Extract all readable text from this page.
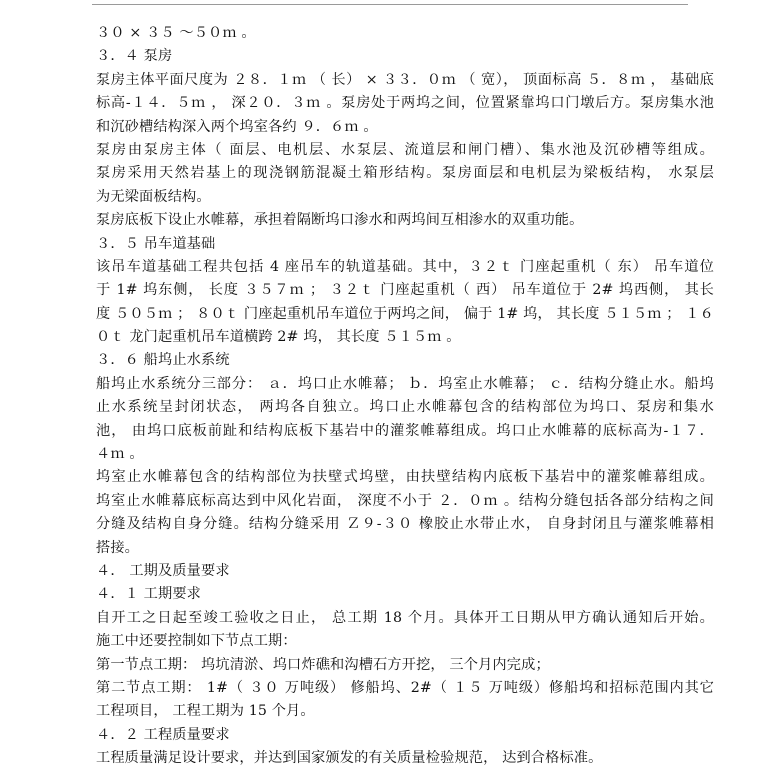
３０ × ３５ ～５０ｍ 。
３．４ 泵房
泵房主体平面尺度为 ２８．１ｍ （ 长） × ３３．０ｍ （ 宽）， 顶面标高 ５．８ｍ ， 基础底
标高-１４．５ｍ ， 深２０．３ｍ 。泵房处于两坞之间，位置紧靠坞口门墩后方。泵房集水池
和沉砂槽结构深入两个坞室各约 ９．６ｍ 。
泵房由泵房主体（ 面层、电机层、水泵层、流道层和闸门槽）、集水池及沉砂槽等组成。
泵房采用天然岩基上的现浇钢筋混凝土箱形结构。泵房面层和电机层为梁板结构， 水泵层
为无梁面板结构。
泵房底板下设止水帷幕，承担着隔断坞口渗水和两坞间互相渗水的双重功能。
３．５ 吊车道基础
该吊车道基础工程共包括 4 座吊车的轨道基础。其中，３２ｔ 门座起重机（ 东） 吊车道位
于 1# 坞东侧， 长度 ３５７ｍ ； ３２ｔ 门座起重机（ 西） 吊车道位于 2# 坞西侧， 其长
度 ５０５ｍ ； ８０ｔ 门座起重机吊车道位于两坞之间， 偏于 1# 坞， 其长度 ５１５ｍ ； １６
０ｔ 龙门起重机吊车道横跨 2# 坞， 其长度 ５１５ｍ 。
３．６ 船坞止水系统
船坞止水系统分三部分： ａ．坞口止水帷幕； ｂ．坞室止水帷幕； ｃ．结构分缝止水。船坞
止水系统呈封闭状态， 两坞各自独立。坞口止水帷幕包含的结构部位为坞口、泵房和集水
池， 由坞口底板前趾和结构底板下基岩中的灌浆帷幕组成。坞口止水帷幕的底标高为-１７．
４ｍ 。
坞室止水帷幕包含的结构部位为扶壁式坞壁，由扶壁结构内底板下基岩中的灌浆帷幕组成。
坞室止水帷幕底标高达到中风化岩面， 深度不小于 ２．０ｍ 。结构分缝包括各部分结构之间
分缝及结构自身分缝。结构分缝采用 Ｚ９-３０ 橡胶止水带止水， 自身封闭且与灌浆帷幕相
搭接。
４． 工期及质量要求
４．１ 工期要求
自开工之日起至竣工验收之日止， 总工期 18 个月。具体开工日期从甲方确认通知后开始。
施工中还要控制如下节点工期：
第一节点工期： 坞坑清淤、坞口炸礁和沟槽石方开挖， 三个月内完成；
第二节点工期： 1#（ ３０ 万吨级） 修船坞、2#（ １５ 万吨级）修船坞和招标范围内其它
工程项目， 工程工期为 15 个月。
４．２ 工程质量要求
工程质量满足设计要求，并达到国家颁发的有关质量检验规范， 达到合格标准。
